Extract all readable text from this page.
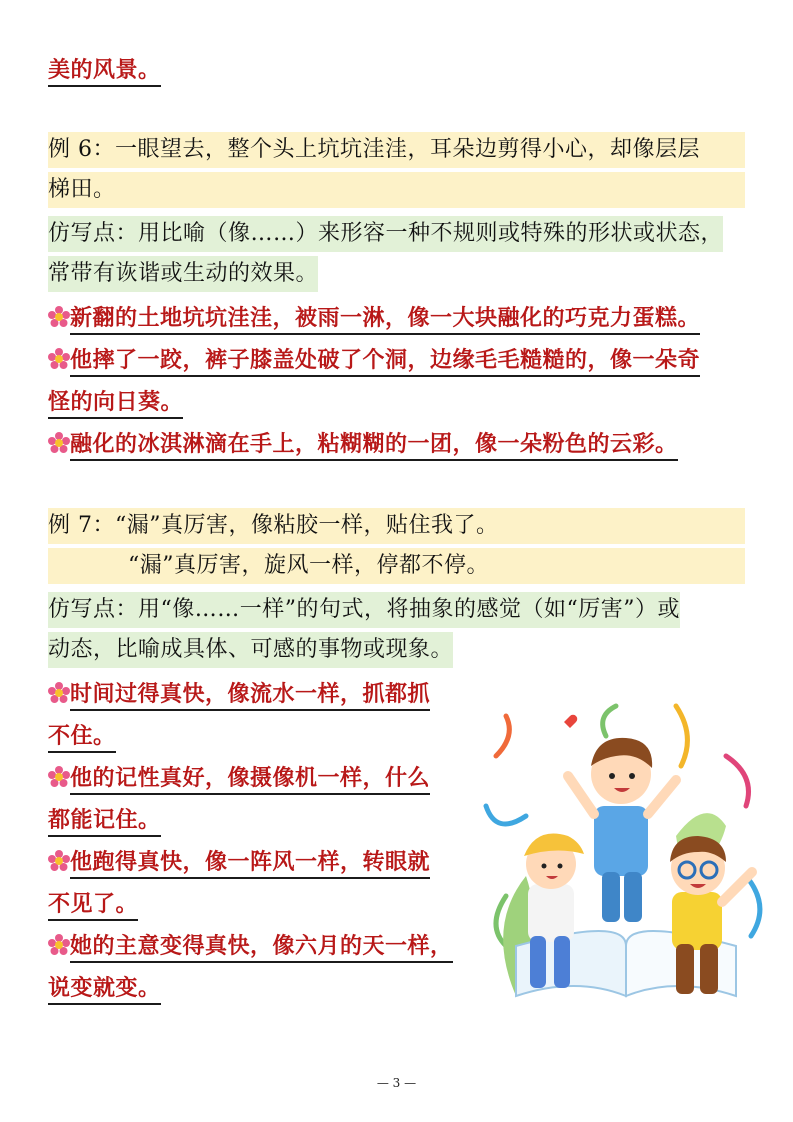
美的风景。
例 6：一眼望去，整个头上坑坑洼洼，耳朵边剪得小心，却像层层
梯田。
仿写点：用比喻（像……）来形容一种不规则或特殊的形状或状态，
常带有诙谐或生动的效果。
新翻的土地坑坑洼洼，被雨一淋，像一大块融化的巧克力蛋糕。
他摔了一跤，裤子膝盖处破了个洞，边缘毛毛糙糙的，像一朵奇
怪的向日葵。
融化的冰淇淋滴在手上，粘糊糊的一团，像一朵粉色的云彩。
例 7：“漏”真厉害，像粘胶一样，贴住我了。
“漏”真厉害，旋风一样，停都不停。
仿写点：用“像……一样”的句式，将抽象的感觉（如“厉害”）或
动态，比喻成具体、可感的事物或现象。
时间过得真快，像流水一样，抓都抓
不住。
他的记性真好，像摄像机一样，什么
都能记住。
他跑得真快，像一阵风一样，转眼就
不见了。
她的主意变得真快，像六月的天一样，
说变就变。
— 3 —
